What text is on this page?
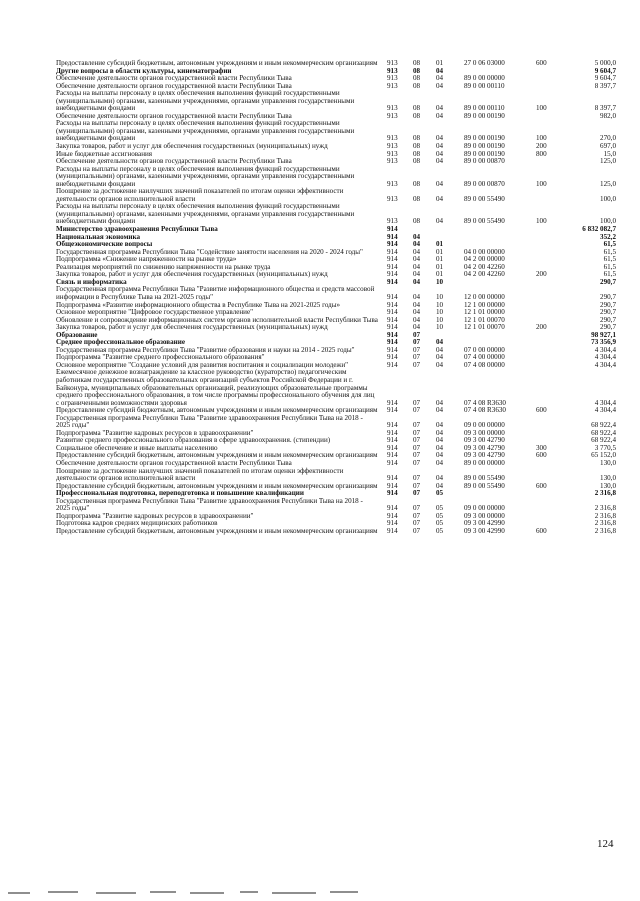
Предоставление субсидий бюджетным, автономным учреждениям и иным некоммерческим организациям 913 08 01	27 0 06 03000	600	5 000,0
Другие вопросы в области культуры, кинематографии	913 08 04	9 604,7
Обеспечение деятельности органов государственной власти Республики Тыва	913 08 04	89 0 00 00000	9 604,7
Обеспечение деятельности органов государственной власти Республики Тыва	913 08 04	89 0 00 00110	8 397,7
Расходы на выплаты персоналу в целях обеспечения выполнения функций государственными (муниципальными) органами, казенными учреждениями, органами управления государственными внебюджетными фондами	913 08 04	89 0 00 00110	100	8 397,7
Обеспечение деятельности органов государственной власти Республики Тыва	913 08 04	89 0 00 00190	982,0
Расходы на выплаты персоналу в целях обеспечения выполнения функций государственными (муниципальными) органами, казенными учреждениями, органами управления государственными внебюджетными фондами	913 08 04	89 0 00 00190	100	270,0
Закупка товаров, работ и услуг для обеспечения государственных (муниципальных) нужд	913 08 04	89 0 00 00190	200	697,0
Иные бюджетные ассигнования	913 08 04	89 0 00 00190	800	15,0
Обеспечение деятельности органов государственной власти Республики Тыва	913 08 04	89 0 00 00870	125,0
Расходы на выплаты персоналу в целях обеспечения выполнения функций государственными (муниципальными) органами, казенными учреждениями, органами управления государственными внебюджетными фондами	913 08 04	89 0 00 00870	100	125,0
Поощрение за достижение наилучших значений показателей по итогам оценки эффективности деятельности органов исполнительной власти	913 08 04	89 0 00 55490	100,0
Расходы на выплаты персоналу в целях обеспечения выполнения функций государственными (муниципальными) органами, казенными учреждениями, органами управления государственными внебюджетными фондами	913 08 04	89 0 00 55490	100	100,0
Министерство здравоохранения Республики Тыва	914	6 832 082,7
Национальная экономика	914 04	352,2
Общеэкономические вопросы	914 04 01	61,5
Государственная программа Республики Тыва "Содействие занятости населения на 2020 - 2024 годы"	914 04 01	04 0 00 00000	61,5
Подпрограмма «Снижение напряженности на рынке труда»	914 04 01	04 2 00 00000	61,5
Реализация мероприятий по снижению напряженности на рынке труда	914 04 01	04 2 00 42260	61,5
Закупка товаров, работ и услуг для обеспечения государственных (муниципальных) нужд	914 04 01	04 2 00 42260	200	61,5
Связь и информатика	914 04 10	290,7
Государственная программа Республики Тыва "Развитие информационного общества и средств массовой информации в Республике Тыва на 2021-2025 годы"	914 04 10	12 0 00 00000	290,7
Подпрограмма «Развитие информационного общества в Республике Тыва на 2021-2025 годы»	914 04 10	12 1 00 00000	290,7
Основное мероприятие "Цифровое государственное управление"	914 04 10	12 1 01 00000	290,7
Обновление и сопровождение информационных систем органов исполнительной власти Республики Тыва 914 04 10	12 1 01 00070	290,7
Закупка товаров, работ и услуг для обеспечения государственных (муниципальных) нужд	914 04 10	12 1 01 00070	200	290,7
Образование	914 07	98 927,1
Среднее профессиональное образование	914 07 04	73 356,9
Государственная программа Республики Тыва "Развитие образования и науки на 2014 - 2025 годы"	914 07 04	07 0 00 00000	4 304,4
Подпрограмма "Развитие среднего профессионального образования"	914 07 04	07 4 00 00000	4 304,4
Основное мероприятие "Создание условий для развития воспитания и социализации молодежи"	914 07 04	07 4 08 00000	4 304,4
Ежемесячное денежное вознаграждение за классное руководство (кураторство) педагогическим работникам государственных образовательных организаций субъектов Российской Федерации и г. Байконура, муниципальных образовательных организаций, реализующих образовательные программы среднего профессионального образования, в том числе программы профессионального обучения для лиц с ограниченными возможностями здоровья	914 07 04	07 4 08 R3630	4 304,4
Предоставление субсидий бюджетным, автономным учреждениям и иным некоммерческим организациям 914 07 04	07 4 08 R3630	600	4 304,4
Государственная программа Республики Тыва "Развитие здравоохранения Республики Тыва на 2018 - 2025 годы"	914 07 04	09 0 00 00000	68 922,4
Подпрограмма "Развитие кадровых ресурсов в здравоохранении"	914 07 04	09 3 00 00000	68 922,4
Развитие среднего профессионального образования в сфере здравоохранения. (стипендии)	914 07 04	09 3 00 42790	68 922,4
Социальное обеспечение и иные выплаты населению	914 07 04	09 3 00 42790	300	3 770,5
Предоставление субсидий бюджетным, автономным учреждениям и иным некоммерческим организациям 914 07 04	09 3 00 42790	600	65 152,0
Обеспечение деятельности органов государственной власти Республики Тыва	914 07 04	89 0 00 00000	130,0
Поощрение за достижение наилучших значений показателей по итогам оценки эффективности деятельности органов исполнительной власти	914 07 04	89 0 00 55490	130,0
Предоставление субсидий бюджетным, автономным учреждениям и иным некоммерческим организациям 914 07 04	89 0 00 55490	600	130,0
Профессиональная подготовка, переподготовка и повышение квалификации	914 07 05	2 316,8
Государственная программа Республики Тыва "Развитие здравоохранения Республики Тыва на 2018 - 2025 годы"	914 07 05	09 0 00 00000	2 316,8
Подпрограмма "Развитие кадровых ресурсов в здравоохранении"	914 07 05	09 3 00 00000	2 316,8
Подготовка кадров средних медицинских работников	914 07 05	09 3 00 42990	2 316,8
Предоставление субсидий бюджетным, автономным учреждениям и иным некоммерческим организациям 914 07 05	09 3 00 42990	600	2 316,8
124
